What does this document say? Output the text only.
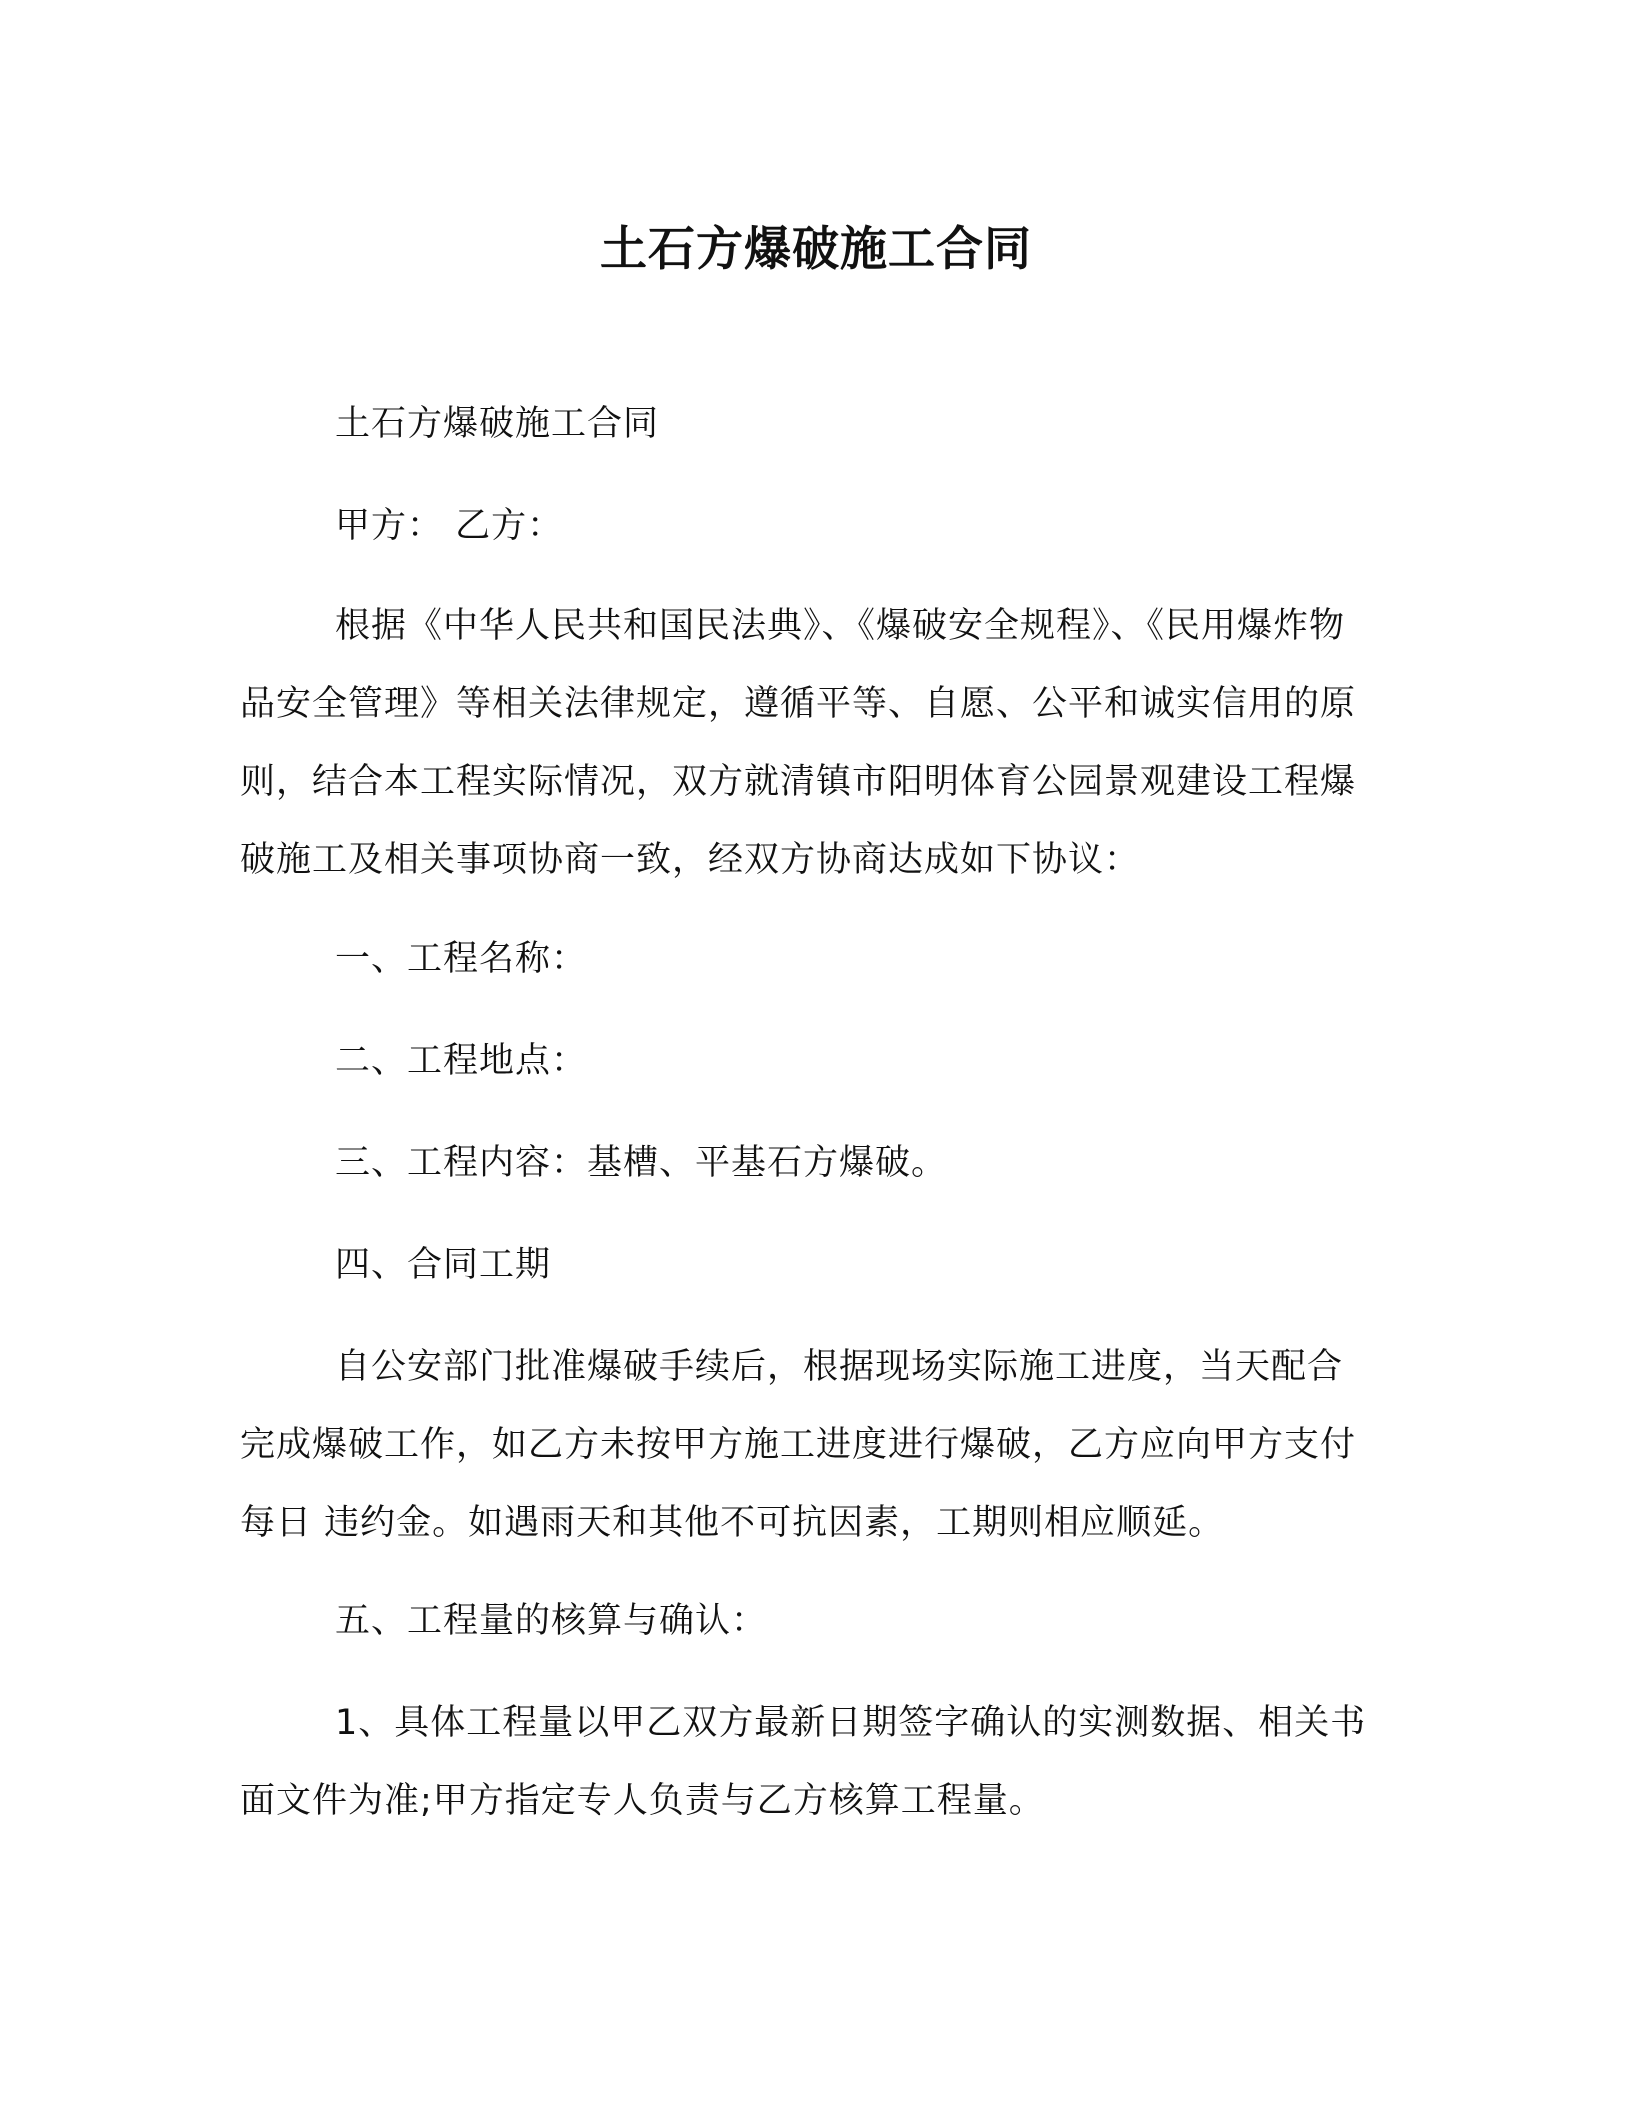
土石方爆破施工合同

土石方爆破施工合同

甲方： 乙方：

根据《中华人民共和国民法典》、《爆破安全规程》、《民用爆炸物品安全管理》等相关法律规定，遵循平等、自愿、公平和诚实信用的原则，结合本工程实际情况，双方就清镇市阳明体育公园景观建设工程爆破施工及相关事项协商一致，经双方协商达成如下协议：

一、工程名称：

二、工程地点：

三、工程内容：基槽、平基石方爆破。

四、合同工期

自公安部门批准爆破手续后，根据现场实际施工进度，当天配合完成爆破工作，如乙方未按甲方施工进度进行爆破，乙方应向甲方支付每日 违约金。如遇雨天和其他不可抗因素，工期则相应顺延。

五、工程量的核算与确认：

1、具体工程量以甲乙双方最新日期签字确认的实测数据、相关书面文件为准;甲方指定专人负责与乙方核算工程量。
